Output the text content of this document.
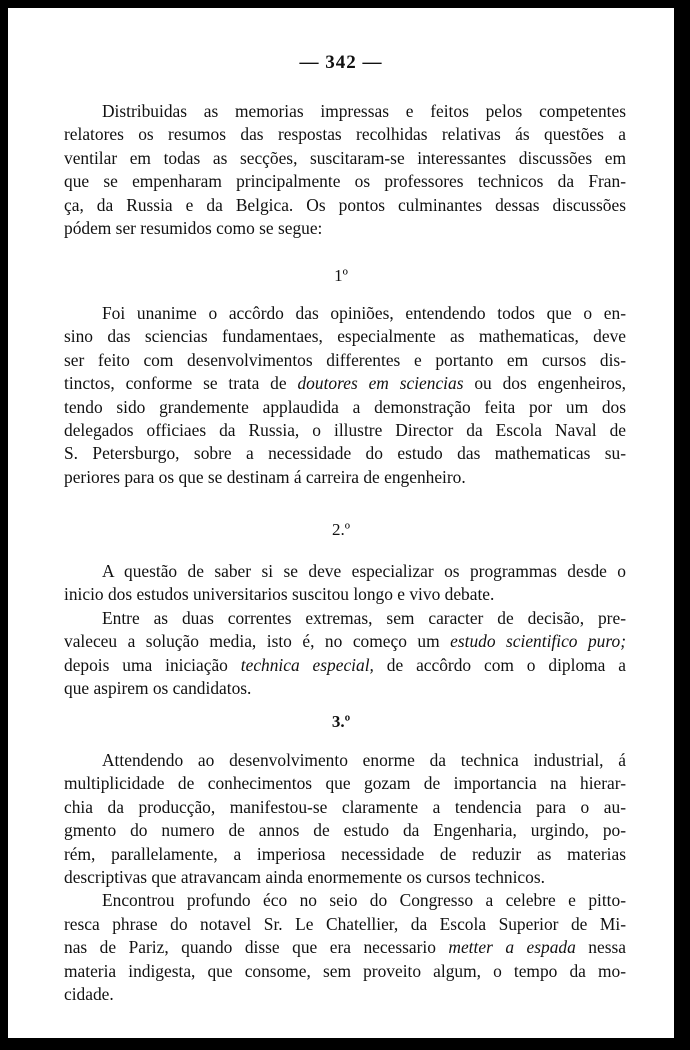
— 342 —
Distribuidas as memorias impressas e feitos pelos competentes
relatores os resumos das respostas recolhidas relativas ás questões a
ventilar em todas as secções, suscitaram-se interessantes discussões em
que se empenharam principalmente os professores technicos da Fran-
ça, da Russia e da Belgica. Os pontos culminantes dessas discussões
pódem ser resumidos como se segue:
1º
Foi unanime o accôrdo das opiniões, entendendo todos que o en-
sino das sciencias fundamentaes, especialmente as mathematicas, deve
ser feito com desenvolvimentos differentes e portanto em cursos dis-
tinctos, conforme se trata de doutores em sciencias ou dos engenheiros,
tendo sido grandemente applaudida a demonstração feita por um dos
delegados officiaes da Russia, o illustre Director da Escola Naval de
S. Petersburgo, sobre a necessidade do estudo das mathematicas su-
periores para os que se destinam á carreira de engenheiro.
2.º
A questão de saber si se deve especializar os programmas desde o
inicio dos estudos universitarios suscitou longo e vivo debate.
Entre as duas correntes extremas, sem caracter de decisão, pre-
valeceu a solução media, isto é, no começo um estudo scientifico puro;
depois uma iniciação technica especial, de accôrdo com o diploma a
que aspirem os candidatos.
3.º
Attendendo ao desenvolvimento enorme da technica industrial, á
multiplicidade de conhecimentos que gozam de importancia na hierar-
chia da producção, manifestou-se claramente a tendencia para o au-
gmento do numero de annos de estudo da Engenharia, urgindo, po-
rém, parallelamente, a imperiosa necessidade de reduzir as materias
descriptivas que atravancam ainda enormemente os cursos technicos.
Encontrou profundo éco no seio do Congresso a celebre e pitto-
resca phrase do notavel Sr. Le Chatellier, da Escola Superior de Mi-
nas de Pariz, quando disse que era necessario metter a espada nessa
materia indigesta, que consome, sem proveito algum, o tempo da mo-
cidade.
